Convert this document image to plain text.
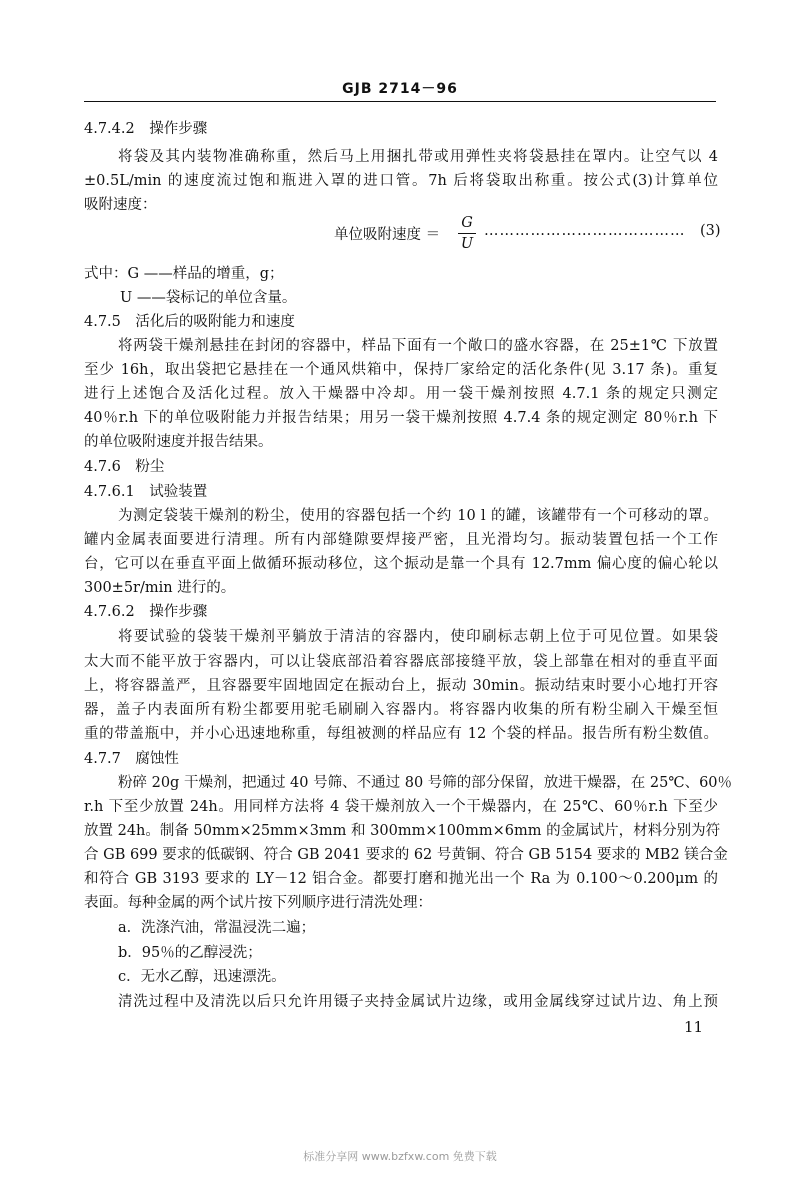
GJB 2714－96
4.7.4.2　操作步骤
将袋及其内装物准确称重，然后马上用捆扎带或用弹性夹将袋悬挂在罩内。让空气以 4
±0.5L/min 的速度流过饱和瓶进入罩的进口管。7h 后将袋取出称重。按公式(3)计算单位
吸附速度：
单位吸附速度 ＝
G
U
………………………………… (3)
式中：G ——样品的增重，g；
U ——袋标记的单位含量。
4.7.5　活化后的吸附能力和速度
将两袋干燥剂悬挂在封闭的容器中，样品下面有一个敞口的盛水容器，在 25±1℃ 下放置
至少 16h，取出袋把它悬挂在一个通风烘箱中，保持厂家给定的活化条件(见 3.17 条)。重复
进行上述饱合及活化过程。放入干燥器中冷却。用一袋干燥剂按照 4.7.1 条的规定只测定
40％r.h 下的单位吸附能力并报告结果；用另一袋干燥剂按照 4.7.4 条的规定测定 80％r.h 下
的单位吸附速度并报告结果。
4.7.6　粉尘
4.7.6.1　试验装置
为测定袋装干燥剂的粉尘，使用的容器包括一个约 10 l 的罐，该罐带有一个可移动的罩。
罐内金属表面要进行清理。所有内部缝隙要焊接严密，且光滑均匀。振动装置包括一个工作
台，它可以在垂直平面上做循环振动移位，这个振动是靠一个具有 12.7mm 偏心度的偏心轮以
300±5r/min 进行的。
4.7.6.2　操作步骤
将要试验的袋装干燥剂平躺放于清洁的容器内，使印刷标志朝上位于可见位置。如果袋
太大而不能平放于容器内，可以让袋底部沿着容器底部接缝平放，袋上部靠在相对的垂直平面
上，将容器盖严，且容器要牢固地固定在振动台上，振动 30min。振动结束时要小心地打开容
器，盖子内表面所有粉尘都要用驼毛刷刷入容器内。将容器内收集的所有粉尘刷入干燥至恒
重的带盖瓶中，并小心迅速地称重，每组被测的样品应有 12 个袋的样品。报告所有粉尘数值。
4.7.7　腐蚀性
粉碎 20g 干燥剂，把通过 40 号筛、不通过 80 号筛的部分保留，放进干燥器，在 25℃、60％
r.h 下至少放置 24h。用同样方法将 4 袋干燥剂放入一个干燥器内，在 25℃、60％r.h 下至少
放置 24h。制备 50mm×25mm×3mm 和 300mm×100mm×6mm 的金属试片，材料分别为符
合 GB 699 要求的低碳钢、符合 GB 2041 要求的 62 号黄铜、符合 GB 5154 要求的 MB2 镁合金
和符合 GB 3193 要求的 LY－12 铝合金。都要打磨和抛光出一个 Ra 为 0.100～0.200μm 的
表面。每种金属的两个试片按下列顺序进行清洗处理：
a．洗涤汽油，常温浸洗二遍；
b．95％的乙醇浸洗；
c．无水乙醇，迅速漂洗。
清洗过程中及清洗以后只允许用镊子夹持金属试片边缘，或用金属线穿过试片边、角上预
11
标准分享网 www.bzfxw.com 免费下载
